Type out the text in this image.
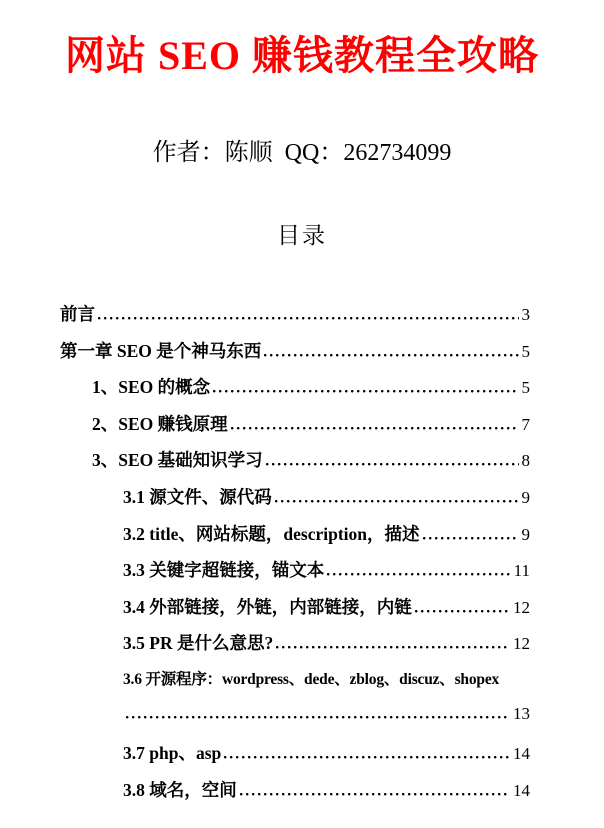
网站 SEO 赚钱教程全攻略
作者：陈顺  QQ：262734099
目录
前言	3
第一章 SEO 是个神马东西	5
1、SEO 的概念	5
2、SEO 赚钱原理	7
3、SEO 基础知识学习	8
3.1 源文件、源代码	9
3.2 title、网站标题，description，描述	9
3.3 关键字超链接，锚文本	11
3.4 外部链接，外链，内部链接，内链	12
3.5 PR 是什么意思?	12
3.6 开源程序：wordpress、dede、zblog、discuz、shopex
13
3.7 php、asp	14
3.8 域名，空间	14
